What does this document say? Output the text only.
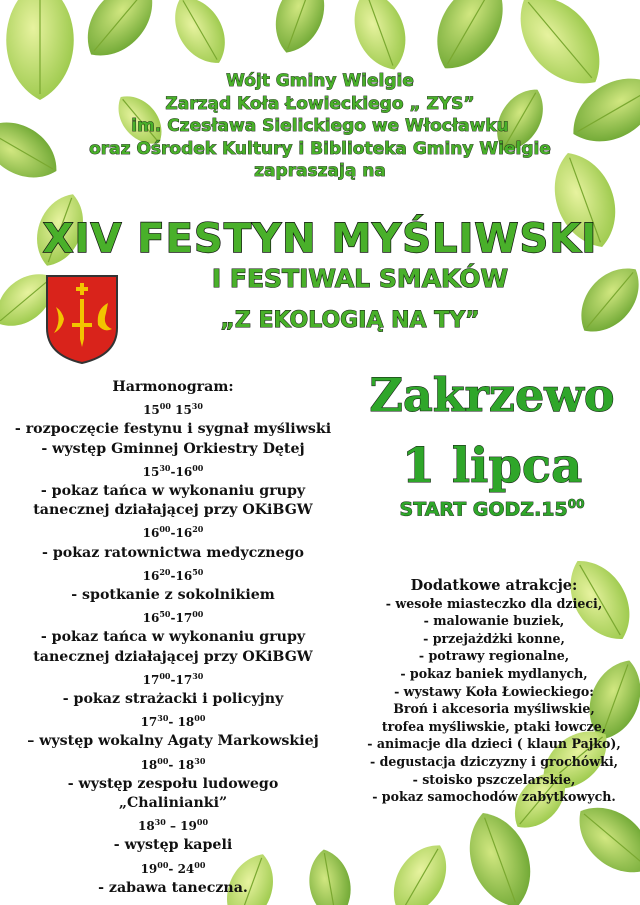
Wójt Gminy Wielgie
Zarząd Koła Łowieckiego „ ZYS”
im. Czesława Sielickiego we Włocławku
oraz Ośrodek Kultury i Biblioteka Gminy Wielgie
zapraszają na
XIV FESTYN MYŚLIWSKI
I FESTIWAL SMAKÓW
„Z EKOLOGIĄ NA TY”
Harmonogram:
$15^{00}$ $15^{30}$
- rozpoczęcie festynu i sygnał myśliwski
- występ Gminnej Orkiestry Dętej
$15^{30}-16^{00}$
- pokaz tańca w wykonaniu grupy
tanecznej działającej przy OKiBGW
$16^{00}-16^{20}$
- pokaz ratownictwa medycznego
$16^{20}-16^{50}$
- spotkanie z sokolnikiem
$16^{50}-17^{00}$
- pokaz tańca w wykonaniu grupy
tanecznej działającej przy OKiBGW
$17^{00}-17^{30}$
- pokaz strażacki i policyjny
$17^{30}-$ $18^{00}$
– występ wokalny Agaty Markowskiej
$18^{00}-$ $18^{30}$
- występ zespołu ludowego
„Chalinianki”
$18^{30} - 19^{00}$
- występ kapeli
$19^{00}-$ $24^{00}$
- zabawa taneczna.
Zakrzewo
1 lipca
START $GODZ.15^{00}$
Dodatkowe atrakcje:
- wesołe miasteczko dla dzieci,
- malowanie buziek,
- przejażdżki konne,
- potrawy regionalne,
- pokaz baniek mydlanych,
- wystawy Koła Łowieckiego:
Broń i akcesoria myśliwskie,
trofea myśliwskie, ptaki łowcze,
- animacje dla dzieci ( klaun Pajko),
- degustacja dziczyzny i grochówki,
- stoisko pszczelarskie,
- pokaz samochodów zabytkowych.
